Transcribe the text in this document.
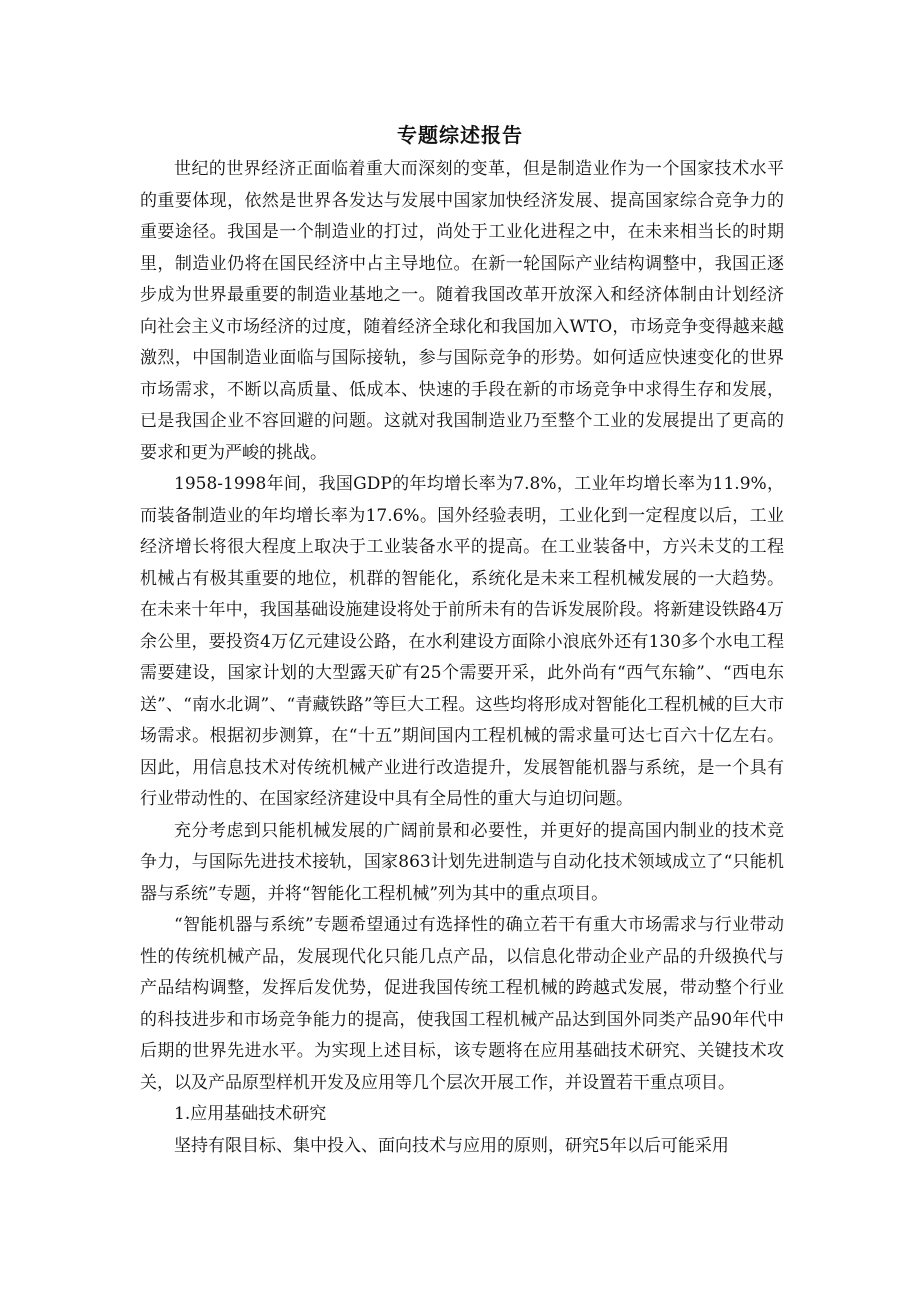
专题综述报告

世纪的世界经济正面临着重大而深刻的变革，但是制造业作为一个国家技术水平的重要体现，依然是世界各发达与发展中国家加快经济发展、提高国家综合竞争力的重要途径。我国是一个制造业的打过，尚处于工业化进程之中，在未来相当长的时期里，制造业仍将在国民经济中占主导地位。在新一轮国际产业结构调整中，我国正逐步成为世界最重要的制造业基地之一。随着我国改革开放深入和经济体制由计划经济向社会主义市场经济的过度，随着经济全球化和我国加入WTO，市场竞争变得越来越激烈，中国制造业面临与国际接轨，参与国际竞争的形势。如何适应快速变化的世界市场需求，不断以高质量、低成本、快速的手段在新的市场竞争中求得生存和发展，已是我国企业不容回避的问题。这就对我国制造业乃至整个工业的发展提出了更高的要求和更为严峻的挑战。

1958-1998年间，我国GDP的年均增长率为7.8%，工业年均增长率为11.9%，而装备制造业的年均增长率为17.6%。国外经验表明，工业化到一定程度以后，工业经济增长将很大程度上取决于工业装备水平的提高。在工业装备中，方兴未艾的工程机械占有极其重要的地位，机群的智能化，系统化是未来工程机械发展的一大趋势。在未来十年中，我国基础设施建设将处于前所未有的告诉发展阶段。将新建设铁路4万余公里，要投资4万亿元建设公路，在水利建设方面除小浪底外还有130多个水电工程需要建设，国家计划的大型露天矿有25个需要开采，此外尚有“西气东输”、“西电东送”、“南水北调”、“青藏铁路”等巨大工程。这些均将形成对智能化工程机械的巨大市场需求。根据初步测算，在“十五”期间国内工程机械的需求量可达七百六十亿左右。因此，用信息技术对传统机械产业进行改造提升，发展智能机器与系统，是一个具有行业带动性的、在国家经济建设中具有全局性的重大与迫切问题。

充分考虑到只能机械发展的广阔前景和必要性，并更好的提高国内制业的技术竞争力，与国际先进技术接轨，国家863计划先进制造与自动化技术领域成立了“只能机器与系统”专题，并将“智能化工程机械”列为其中的重点项目。

“智能机器与系统”专题希望通过有选择性的确立若干有重大市场需求与行业带动性的传统机械产品，发展现代化只能几点产品，以信息化带动企业产品的升级换代与产品结构调整，发挥后发优势，促进我国传统工程机械的跨越式发展，带动整个行业的科技进步和市场竞争能力的提高，使我国工程机械产品达到国外同类产品90年代中后期的世界先进水平。为实现上述目标，该专题将在应用基础技术研究、关键技术攻关，以及产品原型样机开发及应用等几个层次开展工作，并设置若干重点项目。

1.应用基础技术研究

坚持有限目标、集中投入、面向技术与应用的原则，研究5年以后可能采用
